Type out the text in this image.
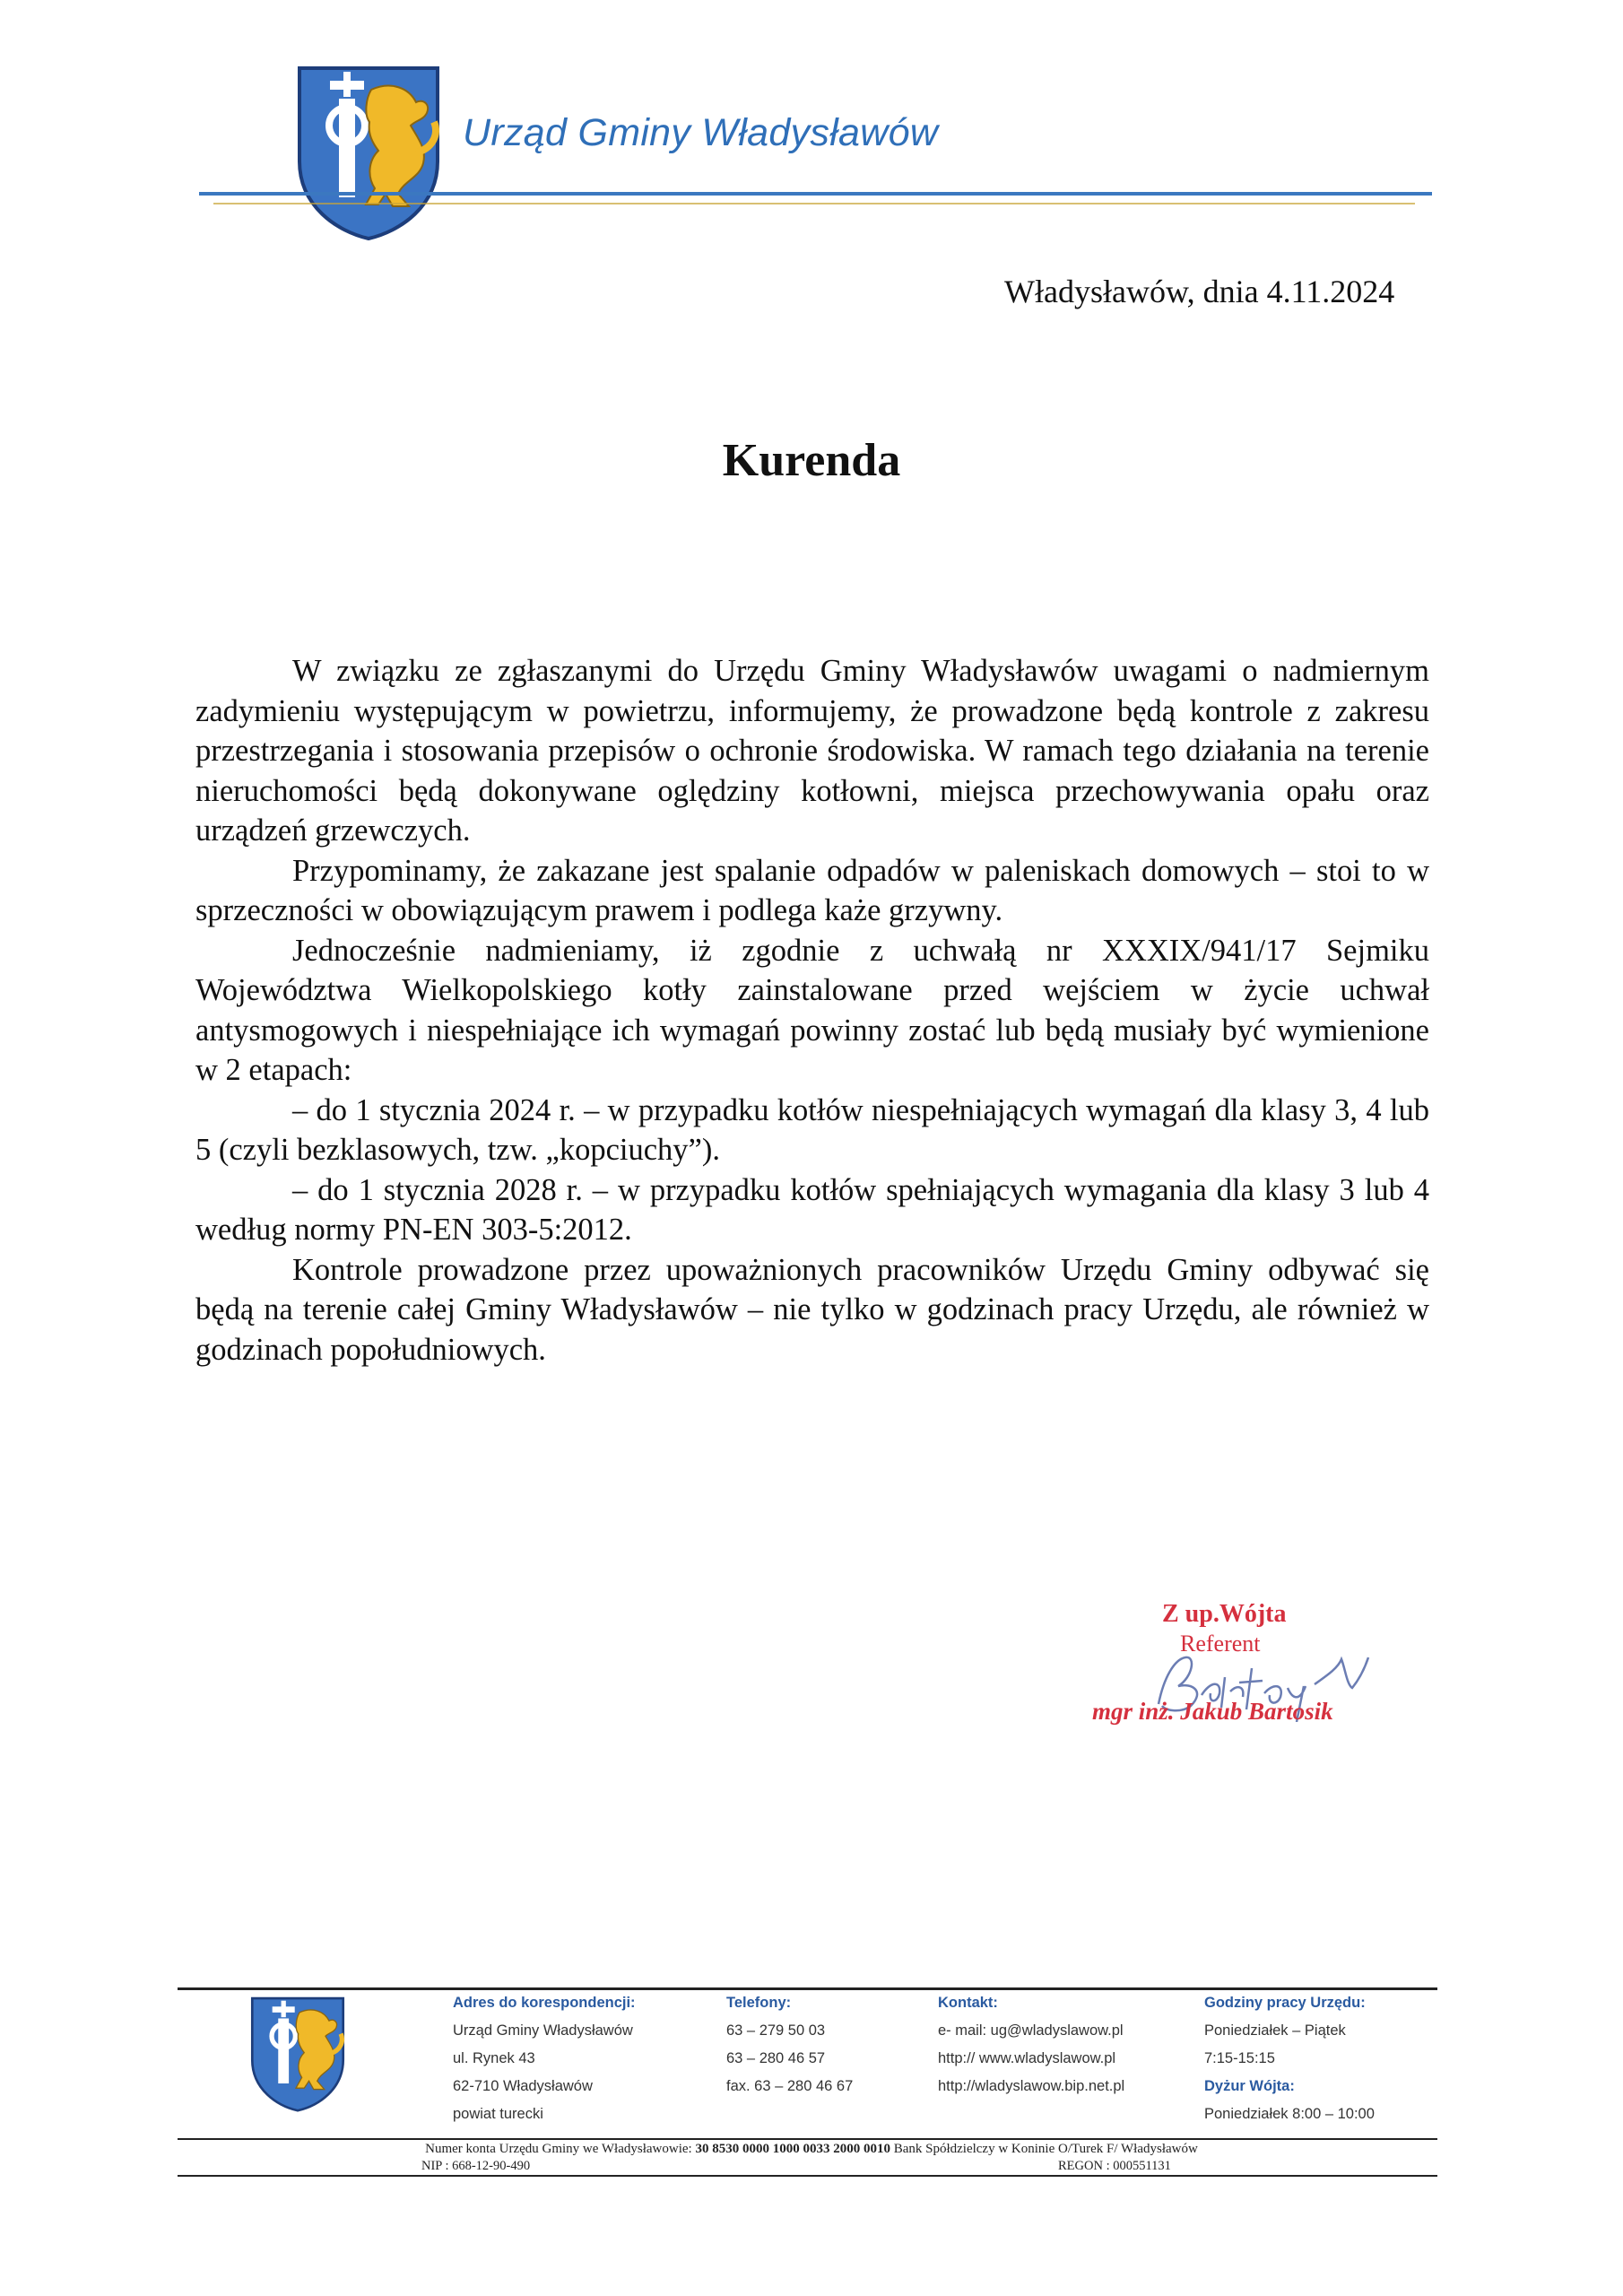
Urząd Gminy Władysławów
Władysławów, dnia 4.11.2024
Kurenda

W związku ze zgłaszanymi do Urzędu Gminy Władysławów uwagami o nadmiernym zadymieniu występującym w powietrzu, informujemy, że prowadzone będą kontrole z zakresu przestrzegania i stosowania przepisów o ochronie środowiska. W ramach tego działania na terenie nieruchomości będą dokonywane oględziny kotłowni, miejsca przechowywania opału oraz urządzeń grzewczych.

Przypominamy, że zakazane jest spalanie odpadów w paleniskach domowych – stoi to w sprzeczności w obowiązującym prawem i podlega każe grzywny.

Jednocześnie nadmieniamy, iż zgodnie z uchwałą nr XXXIX/941/17 Sejmiku Województwa Wielkopolskiego kotły zainstalowane przed wejściem w życie uchwał antysmogowych i niespełniające ich wymagań powinny zostać lub będą musiały być wymienione w 2 etapach:

– do 1 stycznia 2024 r. – w przypadku kotłów niespełniających wymagań dla klasy 3, 4 lub 5 (czyli bezklasowych, tzw. „kopciuchy”).

– do 1 stycznia 2028 r. – w przypadku kotłów spełniających wymagania dla klasy 3 lub 4 według normy PN-EN 303-5:2012.

Kontrole prowadzone przez upoważnionych pracowników Urzędu Gminy odbywać się będą na terenie całej Gminy Władysławów – nie tylko w godzinach pracy Urzędu, ale również w godzinach popołudniowych.

Z up.Wójta
Referent
mgr inż. Jakub Bartosik
Adres do korespondencji:
Urząd Gminy Władysławów
ul. Rynek 43
62-710 Władysławów
powiat turecki
Telefony:
63 – 279 50 03
63 – 280 46 57
fax. 63 – 280 46 67
Kontakt:
e- mail: ug@wladyslawow.pl
http:// www.wladyslawow.pl
http://wladyslawow.bip.net.pl
Godziny pracy Urzędu:
Poniedziałek – Piątek
7:15-15:15
Dyżur Wójta:
Poniedziałek 8:00 – 10:00
Numer konta Urzędu Gminy we Władysławowie: 30 8530 0000 1000 0033 2000 0010 Bank Spółdzielczy w Koninie O/Turek F/ Władysławów
NIP : 668-12-90-490	REGON : 000551131
